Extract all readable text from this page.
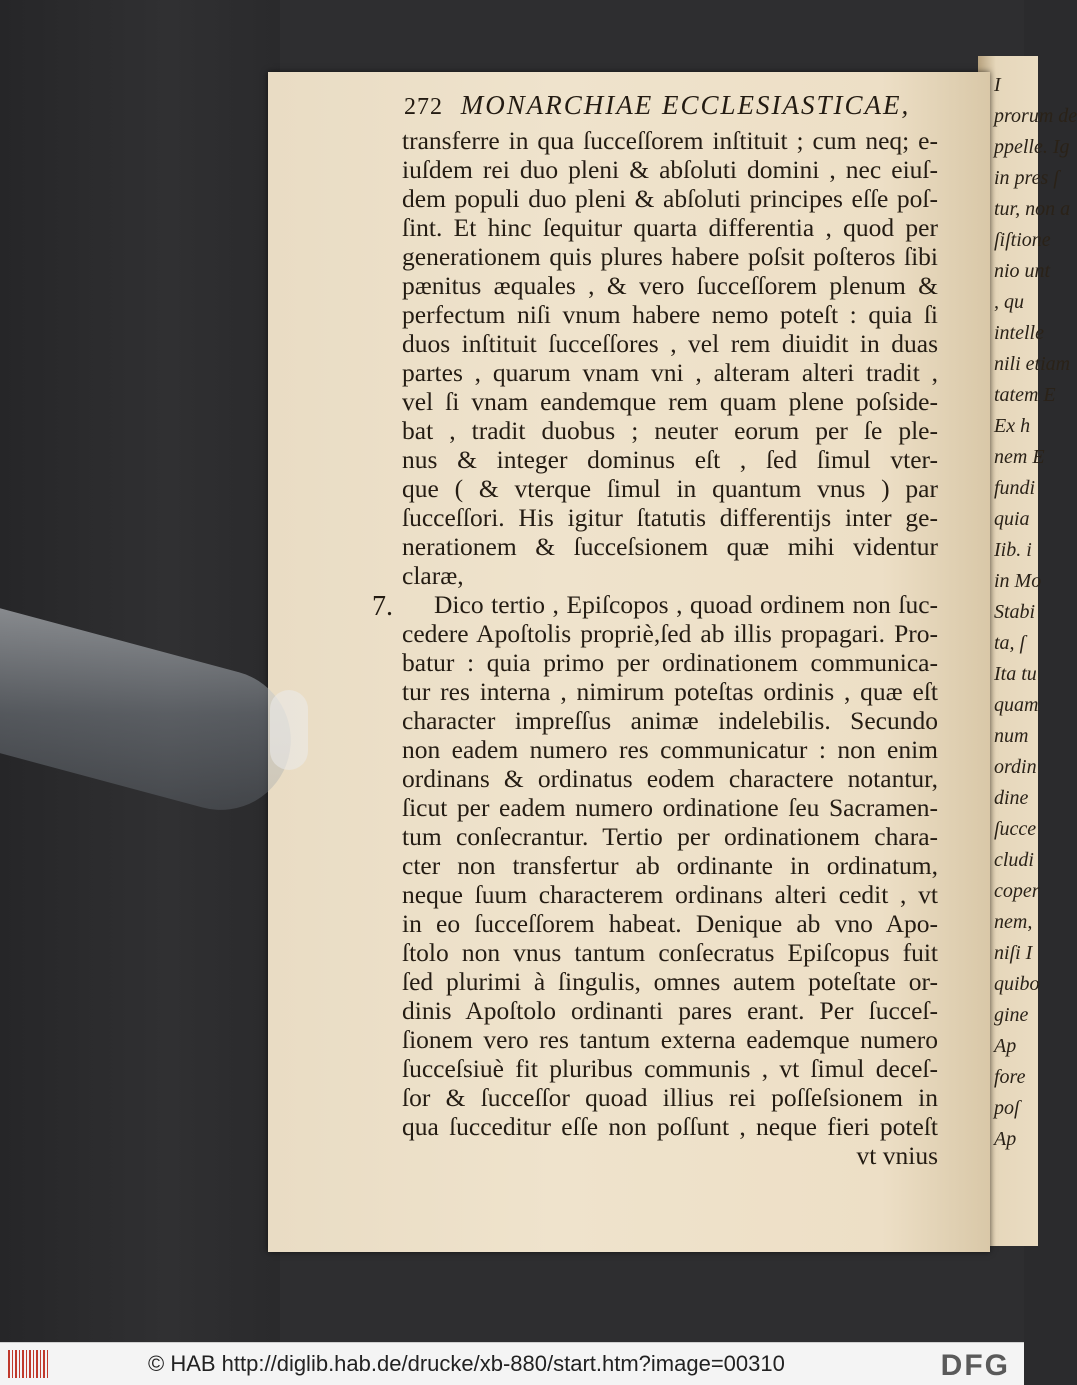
I
prorum de
ppelle. Ig
in pres ſ
tur, non a
ſiſtione
nio unt
, qu
intelle
nili etiam
tatem E
Ex h
nem E
fundi
quia
Iib. i
in Mo
Stabi
ta, ſ
Ita tu
quam
num
ordin
dine
ſucce
cludi
coper
nem,
niſi I
quibo
gine
Ap
fore
poſ
Ap
272 MONARCHIAE ECCLESIASTICAE,
7.
transferre in qua ſucceſſorem inſtituit ; cum neq; e-
iuſdem rei duo pleni & abſoluti domini , nec eiuſ-
dem populi duo pleni & abſoluti principes eſſe poſ-
ſint. Et hinc ſequitur quarta differentia , quod per
generationem quis plures habere poſsit poſteros ſibi
pænitus æquales , & vero ſucceſſorem plenum &
perfectum niſi vnum habere nemo poteſt : quia ſi
duos inſtituit ſucceſſores , vel rem diuidit in duas
partes , quarum vnam vni , alteram alteri tradit ,
vel ſi vnam eandemque rem quam plene poſside-
bat , tradit duobus ; neuter eorum per ſe ple-
nus & integer dominus eſt , ſed ſimul vter-
que ( & vterque ſimul in quantum vnus ) par
ſucceſſori. His igitur ſtatutis differentijs inter ge-
nerationem & ſucceſsionem quæ mihi videntur
claræ,
Dico tertio , Epiſcopos , quoad ordinem non ſuc-
cedere Apoſtolis propriè,ſed ab illis propagari. Pro-
batur : quia primo per ordinationem communica-
tur res interna , nimirum poteſtas ordinis , quæ eſt
character impreſſus animæ indelebilis. Secundo
non eadem numero res communicatur : non enim
ordinans & ordinatus eodem charactere notantur,
ſicut per eadem numero ordinatione ſeu Sacramen-
tum conſecrantur. Tertio per ordinationem chara-
cter non transfertur ab ordinante in ordinatum,
neque ſuum characterem ordinans alteri cedit , vt
in eo ſucceſſorem habeat. Denique ab vno Apo-
ſtolo non vnus tantum conſecratus Epiſcopus fuit
ſed plurimi à ſingulis, omnes autem poteſtate or-
dinis Apoſtolo ordinanti pares erant. Per ſucceſ-
ſionem vero res tantum externa eademque numero
ſucceſsiuè fit pluribus communis , vt ſimul deceſ-
ſor & ſucceſſor quoad illius rei poſſeſsionem in
qua ſucceditur eſſe non poſſunt , neque fieri poteſt
vt vnius
© HAB http://diglib.hab.de/drucke/xb-880/start.htm?image=00310	DFG
